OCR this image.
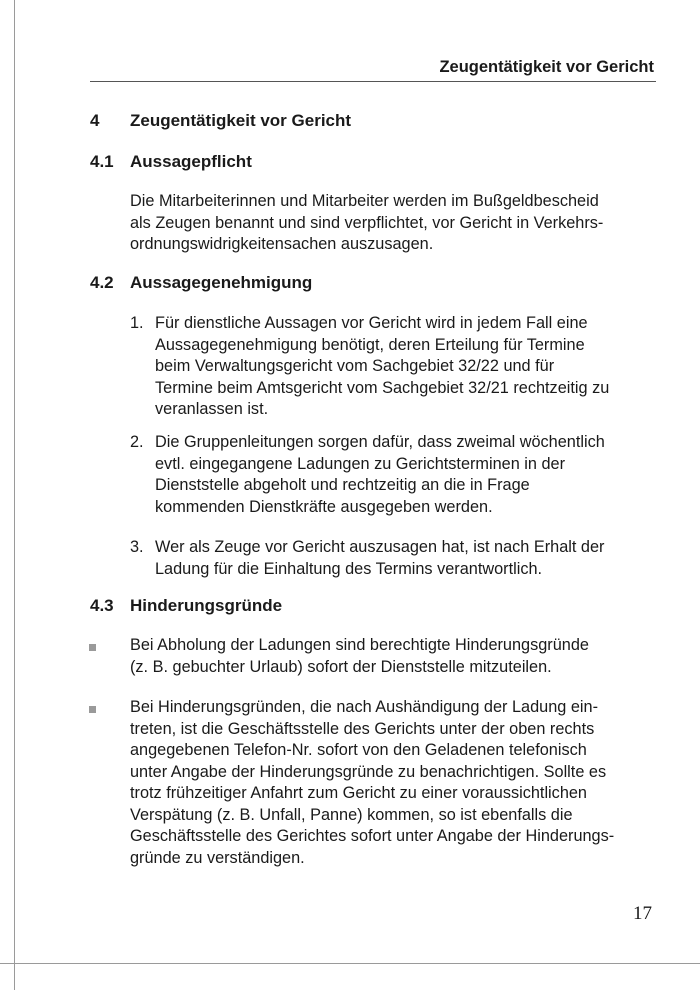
Zeugentätigkeit vor Gericht
4 Zeugentätigkeit vor Gericht
4.1 Aussagepflicht
Die Mitarbeiterinnen und Mitarbeiter werden im Bußgeldbescheid
als Zeugen benannt und sind verpflichtet, vor Gericht in Verkehrs-
ordnungswidrigkeitensachen auszusagen.
4.2 Aussagegenehmigung
1. Für dienstliche Aussagen vor Gericht wird in jedem Fall eine
Aussagegenehmigung benötigt, deren Erteilung für Termine
beim Verwaltungsgericht vom Sachgebiet 32/22 und für
Termine beim Amtsgericht vom Sachgebiet 32/21 rechtzeitig zu
veranlassen ist.
2. Die Gruppenleitungen sorgen dafür, dass zweimal wöchentlich
evtl. eingegangene Ladungen zu Gerichtsterminen in der
Dienststelle abgeholt und rechtzeitig an die in Frage
kommenden Dienstkräfte ausgegeben werden.
3. Wer als Zeuge vor Gericht auszusagen hat, ist nach Erhalt der
Ladung für die Einhaltung des Termins verantwortlich.
4.3 Hinderungsgründe
Bei Abholung der Ladungen sind berechtigte Hinderungsgründe
(z. B. gebuchter Urlaub) sofort der Dienststelle mitzuteilen.
Bei Hinderungsgründen, die nach Aushändigung der Ladung ein-
treten, ist die Geschäftsstelle des Gerichts unter der oben rechts
angegebenen Telefon-Nr. sofort von den Geladenen telefonisch
unter Angabe der Hinderungsgründe zu benachrichtigen. Sollte es
trotz frühzeitiger Anfahrt zum Gericht zu einer voraussichtlichen
Verspätung (z. B. Unfall, Panne) kommen, so ist ebenfalls die
Geschäftsstelle des Gerichtes sofort unter Angabe der Hinderungs-
gründe zu verständigen.
17
